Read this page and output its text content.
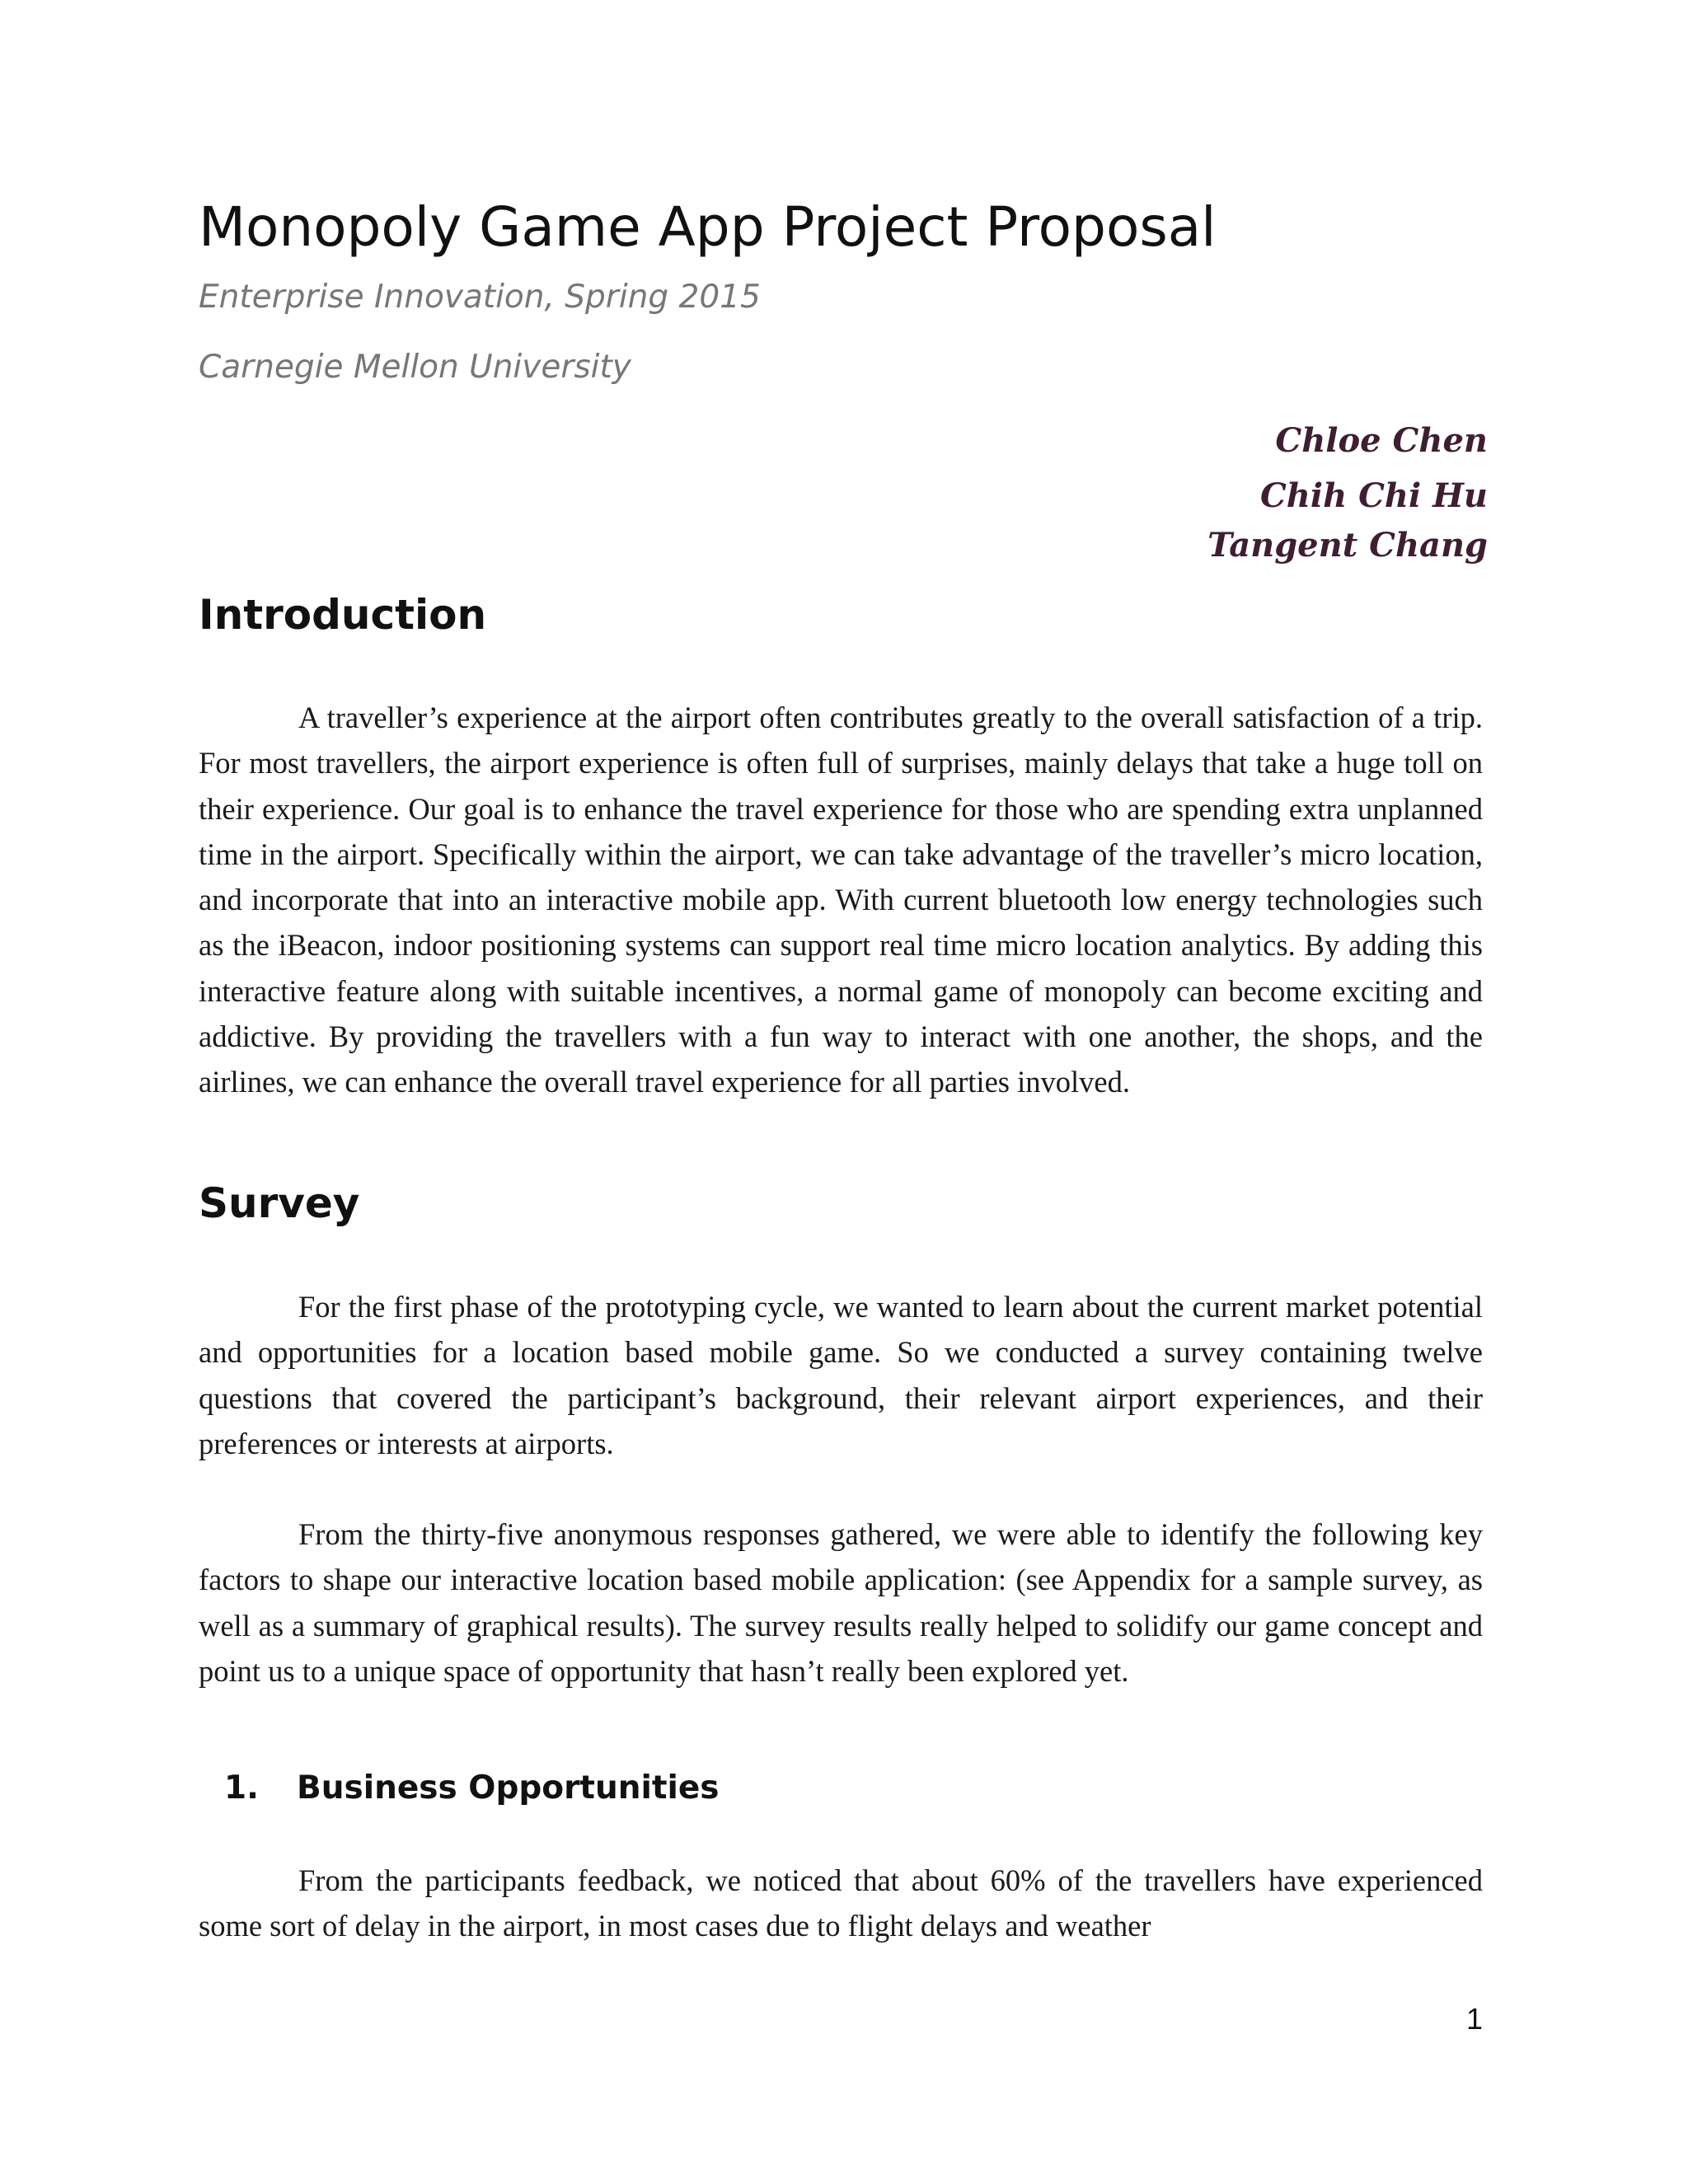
Monopoly Game App Project Proposal
Enterprise Innovation, Spring 2015
Carnegie Mellon University
Chloe Chen
Chih Chi Hu
Tangent Chang
Introduction

A traveller’s experience at the airport often contributes greatly to the overall satisfaction of a trip. For most travellers, the airport experience is often full of surprises, mainly delays that take a huge toll on their experience. Our goal is to enhance the travel experience for those who are spending extra unplanned time in the airport. Specifically within the airport, we can take advantage of the traveller’s micro location, and incorporate that into an interactive mobile app. With current bluetooth low energy technologies such as the iBeacon, indoor positioning systems can support real time micro location analytics. By adding this interactive feature along with suitable incentives, a normal game of monopoly can become exciting and addictive. By providing the travellers with a fun way to interact with one another, the shops, and the airlines, we can enhance the overall travel experience for all parties involved.

Survey

For the first phase of the prototyping cycle, we wanted to learn about the current market potential and opportunities for a location based mobile game. So we conducted a survey containing twelve questions that covered the participant’s background, their relevant airport experiences, and their preferences or interests at airports.

From the thirty-five anonymous responses gathered, we were able to identify the following key factors to shape our interactive location based mobile application: (see Appendix for a sample survey, as well as a summary of graphical results). The survey results really helped to solidify our game concept and point us to a unique space of opportunity that hasn’t really been explored yet.

1. Business Opportunities

From the participants feedback, we noticed that about 60% of the travellers have experienced some sort of delay in the airport, in most cases due to flight delays and weather

1
